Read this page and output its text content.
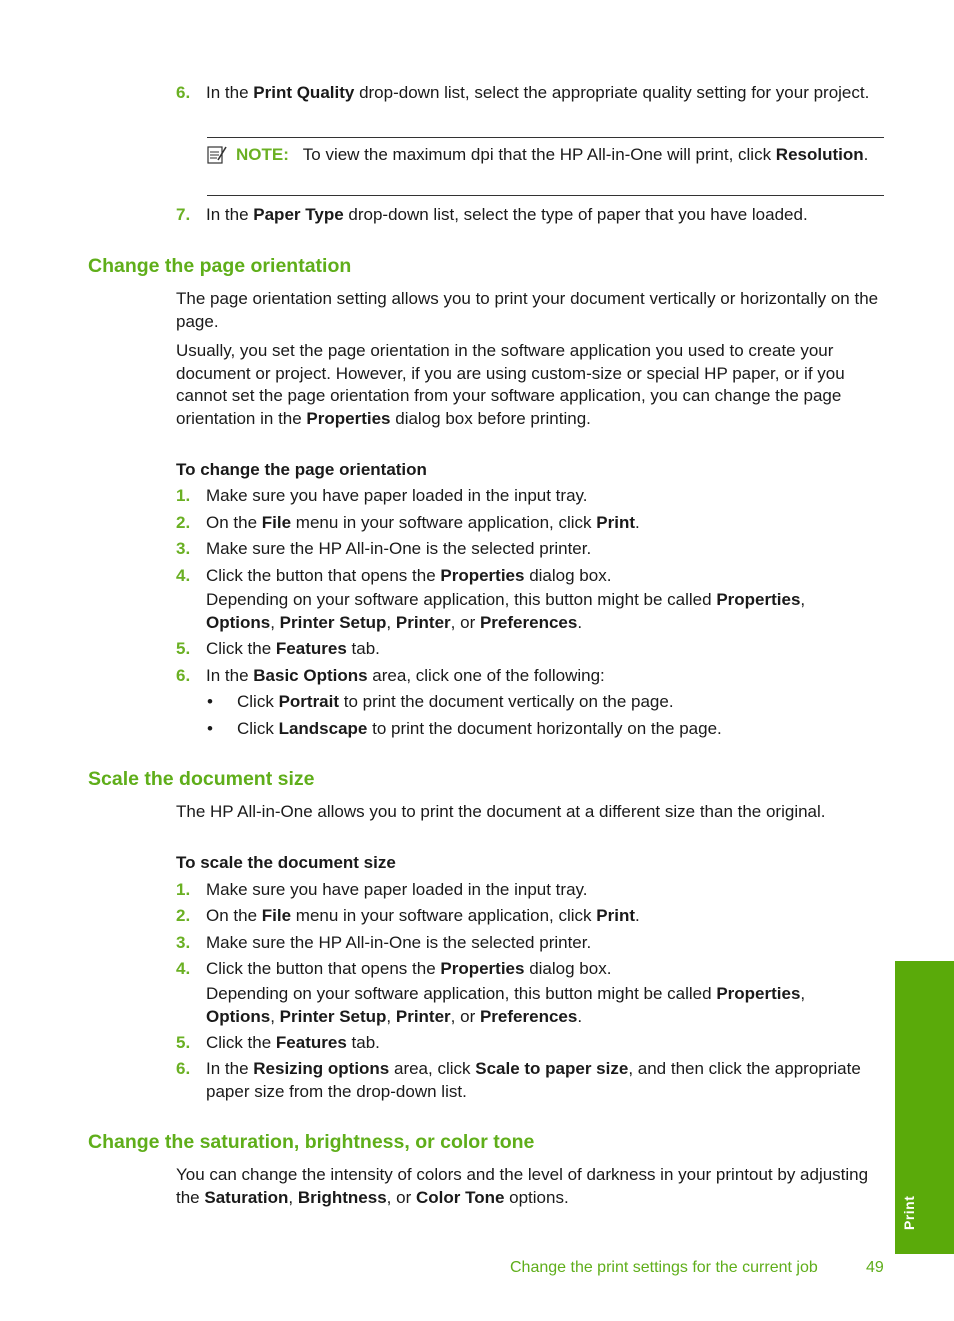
6. In the Print Quality drop-down list, select the appropriate quality setting for your project.
NOTE: To view the maximum dpi that the HP All-in-One will print, click Resolution.
7. In the Paper Type drop-down list, select the type of paper that you have loaded.
Change the page orientation
The page orientation setting allows you to print your document vertically or horizontally on the page.
Usually, you set the page orientation in the software application you used to create your document or project. However, if you are using custom-size or special HP paper, or if you cannot set the page orientation from your software application, you can change the page orientation in the Properties dialog box before printing.
To change the page orientation
1. Make sure you have paper loaded in the input tray.
2. On the File menu in your software application, click Print.
3. Make sure the HP All-in-One is the selected printer.
4. Click the button that opens the Properties dialog box.
Depending on your software application, this button might be called Properties,
Options, Printer Setup, Printer, or Preferences.
5. Click the Features tab.
6. In the Basic Options area, click one of the following:
• Click Portrait to print the document vertically on the page.
• Click Landscape to print the document horizontally on the page.
Scale the document size
The HP All-in-One allows you to print the document at a different size than the original.
To scale the document size
1. Make sure you have paper loaded in the input tray.
2. On the File menu in your software application, click Print.
3. Make sure the HP All-in-One is the selected printer.
4. Click the button that opens the Properties dialog box.
Depending on your software application, this button might be called Properties,
Options, Printer Setup, Printer, or Preferences.
5. Click the Features tab.
6. In the Resizing options area, click Scale to paper size, and then click the appropriate paper size from the drop-down list.
Change the saturation, brightness, or color tone
You can change the intensity of colors and the level of darkness in your printout by adjusting the Saturation, Brightness, or Color Tone options.	Print
Change the print settings for the current job	49
